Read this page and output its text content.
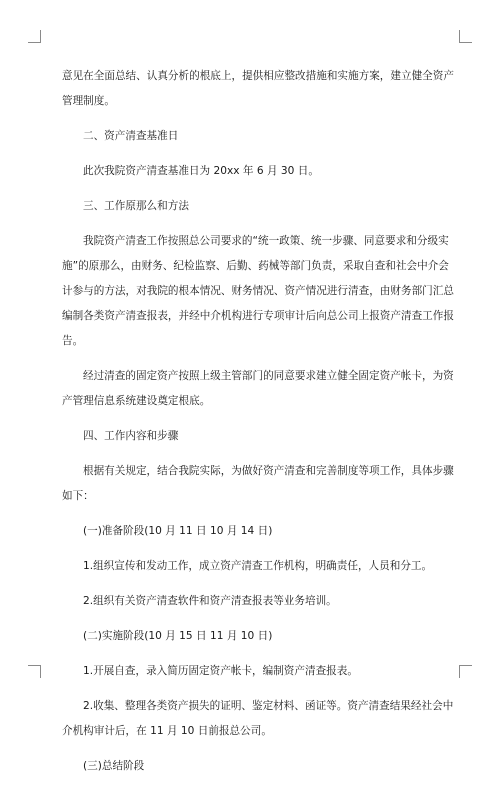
意见在全面总结、认真分析的根底上，提供相应整改措施和实施方案，建立健全资产
管理制度。
二、资产清查基准日
此次我院资产清查基准日为 20xx 年 6 月 30 日。
三、工作原那么和方法
我院资产清查工作按照总公司要求的“统一政策、统一步骤、同意要求和分级实
施”的原那么，由财务、纪检监察、后勤、药械等部门负责，采取自查和社会中介会
计参与的方法，对我院的根本情况、财务情况、资产情况进行清查，由财务部门汇总
编制各类资产清查报表，并经中介机构进行专项审计后向总公司上报资产清查工作报
告。
经过清查的固定资产按照上级主管部门的同意要求建立健全固定资产帐卡，为资
产管理信息系统建设奠定根底。
四、工作内容和步骤
根据有关规定，结合我院实际，为做好资产清查和完善制度等项工作，具体步骤
如下：
(一)准备阶段(10 月 11 日 10 月 14 日)
1.组织宣传和发动工作，成立资产清查工作机构，明确责任，人员和分工。
2.组织有关资产清查软件和资产清查报表等业务培训。
(二)实施阶段(10 月 15 日 11 月 10 日)
1.开展自查，录入简历固定资产帐卡，编制资产清查报表。
2.收集、整理各类资产损失的证明、鉴定材料、函证等。资产清查结果经社会中
介机构审计后，在 11 月 10 日前报总公司。
(三)总结阶段
